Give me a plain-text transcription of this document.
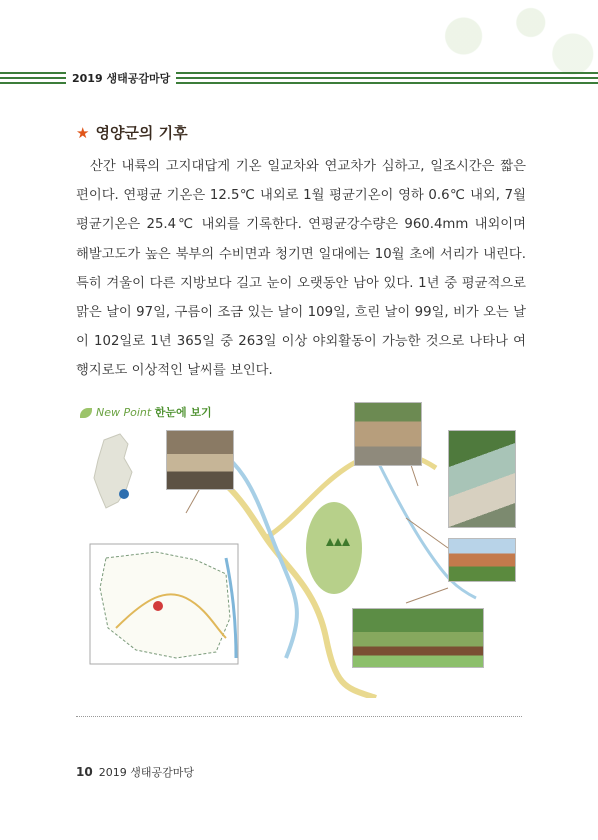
2019 생태공감마당
★ 영양군의 기후
산간 내륙의 고지대답게 기온 일교차와 연교차가 심하고, 일조시간은 짧은 편이다. 연평균 기온은 12.5℃ 내외로 1월 평균기온이 영하 0.6℃ 내외, 7월 평균기온은 25.4℃ 내외를 기록한다. 연평균강수량은 960.4mm 내외이며 해발고도가 높은 북부의 수비면과 청기면 일대에는 10월 초에 서리가 내린다. 특히 겨울이 다른 지방보다 길고 눈이 오랫동안 남아 있다. 1년 중 평균적으로 맑은 날이 97일, 구름이 조금 있는 날이 109일, 흐린 날이 99일, 비가 오는 날이 102일로 1년 365일 중 263일 이상 야외활동이 가능한 것으로 나타나 여행지로도 이상적인 날씨를 보인다.
New Point 한눈에 보기
10 2019 생태공감마당
